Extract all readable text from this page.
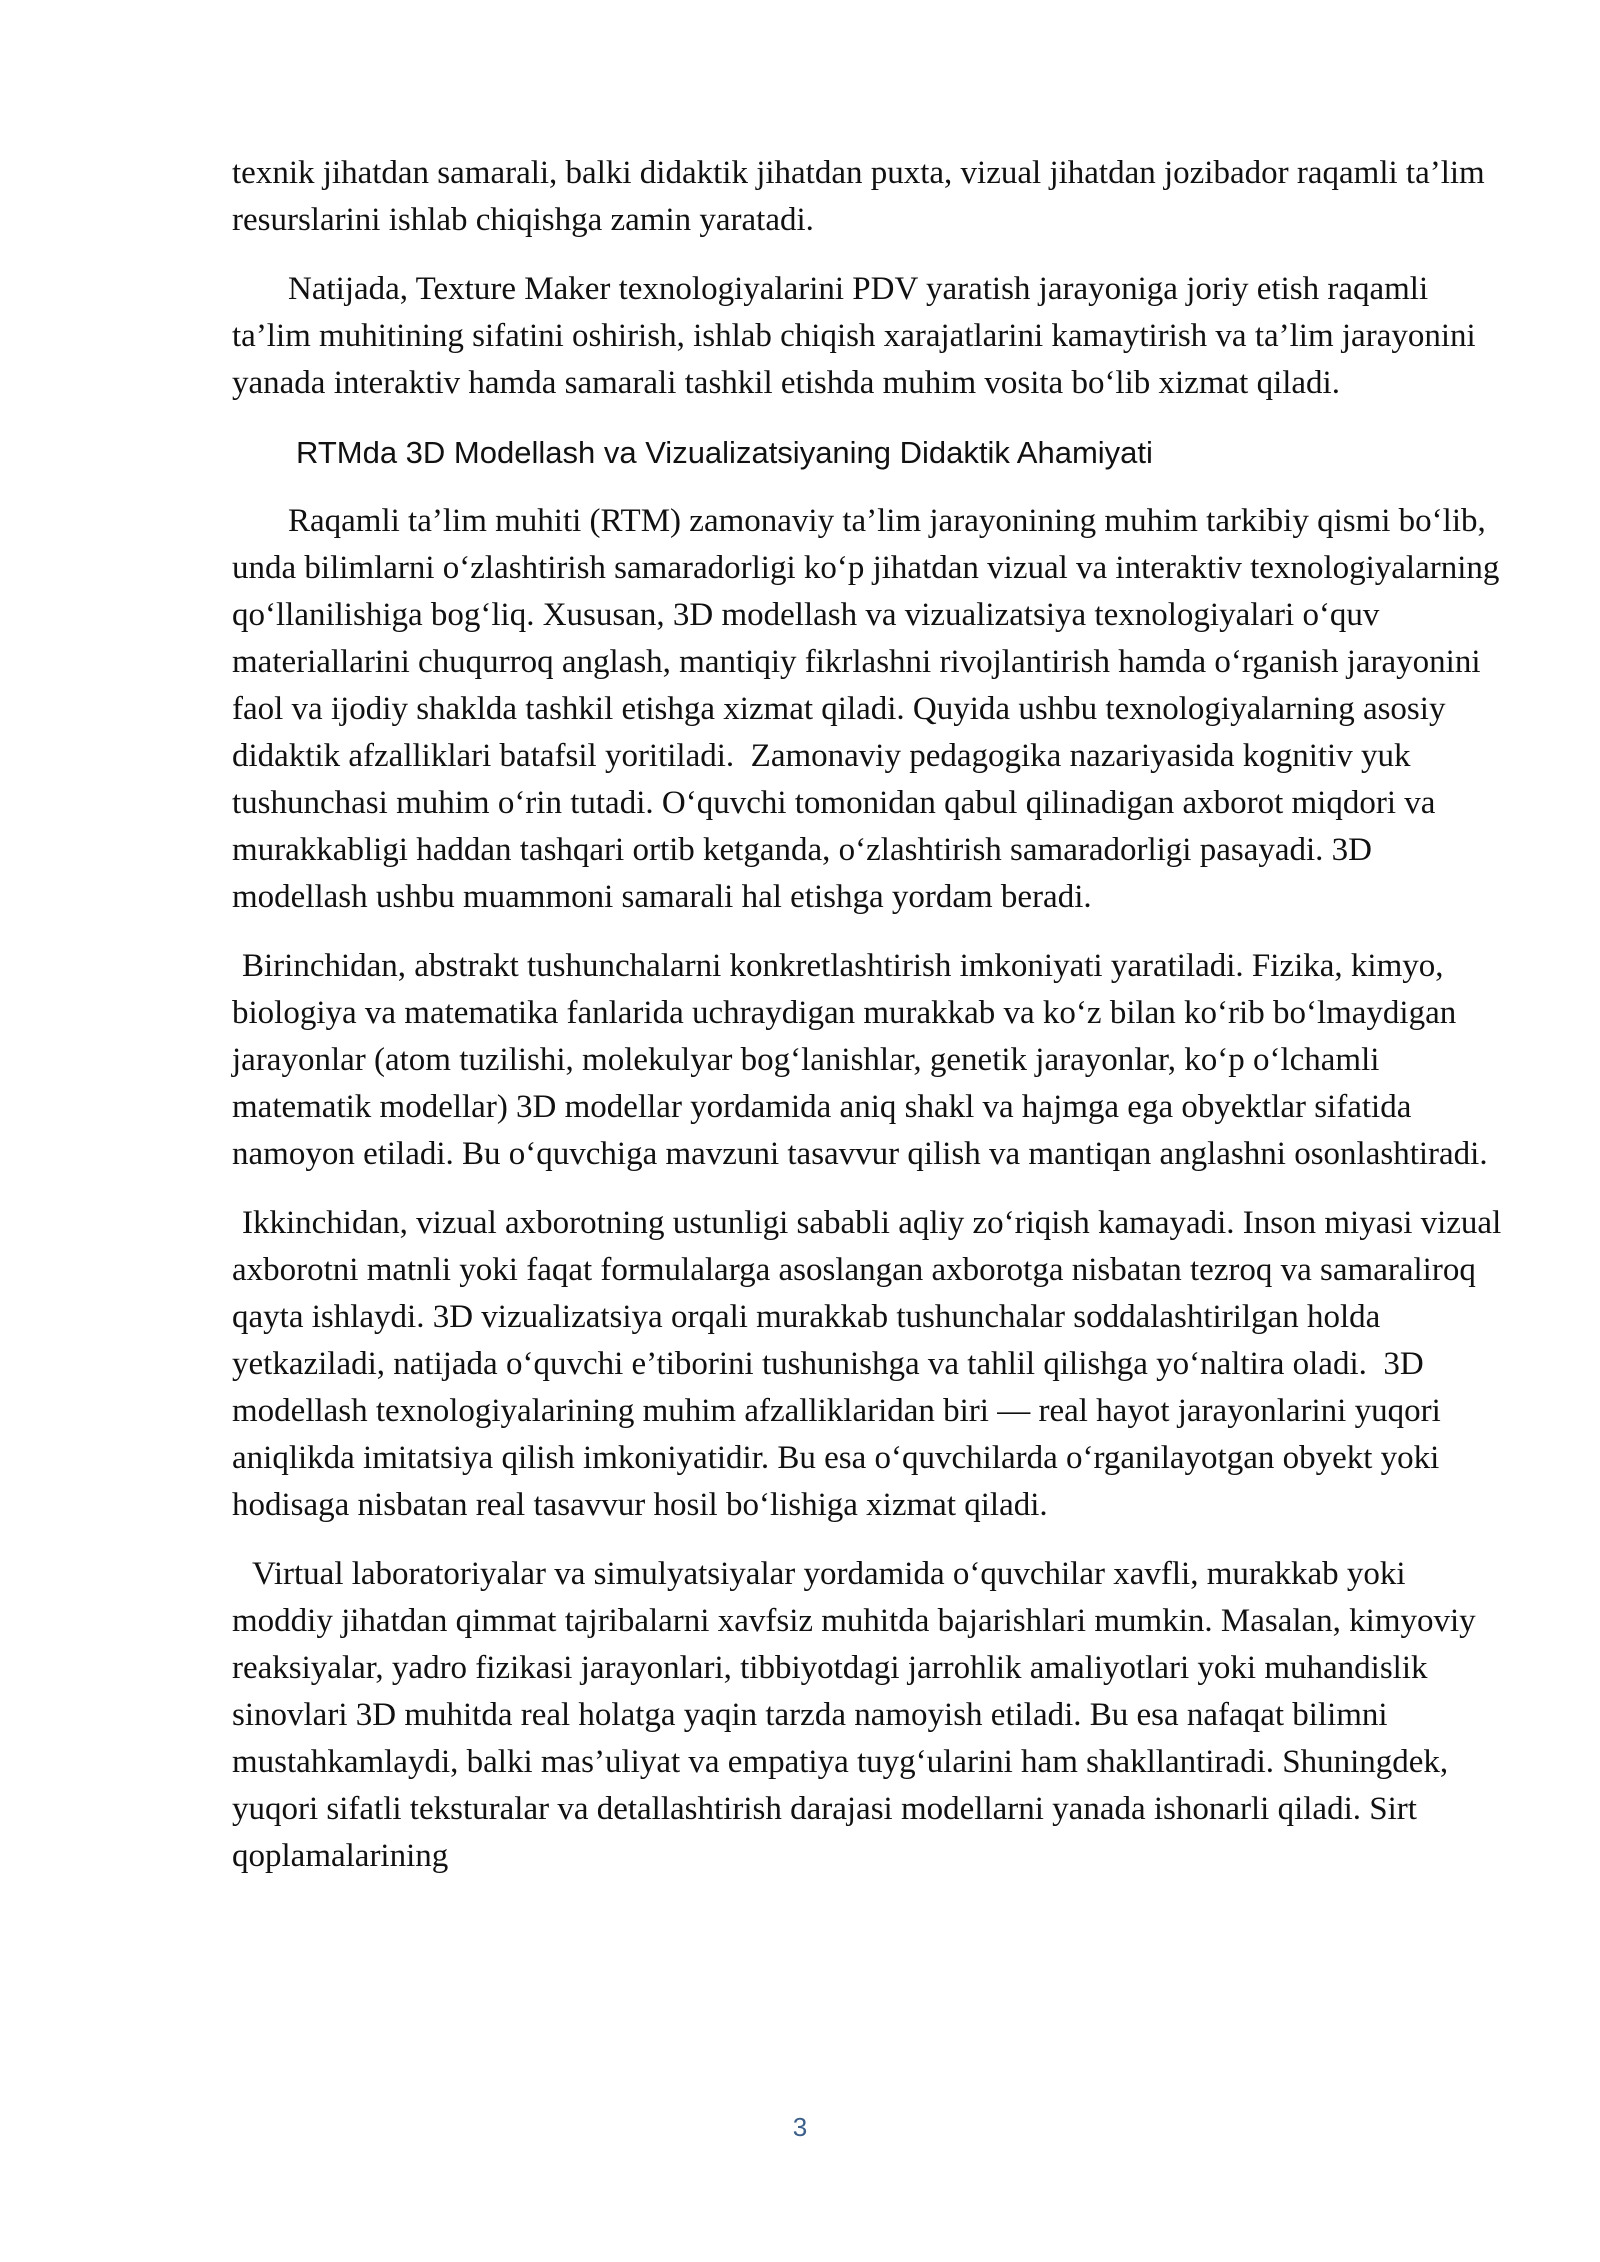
texnik jihatdan samarali, balki didaktik jihatdan puxta, vizual jihatdan jozibador raqamli ta’lim resurslarini ishlab chiqishga zamin yaratadi.

Natijada, Texture Maker texnologiyalarini PDV yaratish jarayoniga joriy etish raqamli ta’lim muhitining sifatini oshirish, ishlab chiqish xarajatlarini kamaytirish va ta’lim jarayonini yanada interaktiv hamda samarali tashkil etishda muhim vosita bo‘lib xizmat qiladi.

RTMda 3D Modellash va Vizualizatsiyaning Didaktik Ahamiyati

Raqamli ta’lim muhiti (RTM) zamonaviy ta’lim jarayonining muhim tarkibiy qismi bo‘lib, unda bilimlarni o‘zlashtirish samaradorligi ko‘p jihatdan vizual va interaktiv texnologiyalarning qo‘llanilishiga bog‘liq. Xususan, 3D modellash va vizualizatsiya texnologiyalari o‘quv materiallarini chuqurroq anglash, mantiqiy fikrlashni rivojlantirish hamda o‘rganish jarayonini faol va ijodiy shaklda tashkil etishga xizmat qiladi. Quyida ushbu texnologiyalarning asosiy didaktik afzalliklari batafsil yoritiladi.  Zamonaviy pedagogika nazariyasida kognitiv yuk tushunchasi muhim o‘rin tutadi. O‘quvchi tomonidan qabul qilinadigan axborot miqdori va murakkabligi haddan tashqari ortib ketganda, o‘zlashtirish samaradorligi pasayadi. 3D modellash ushbu muammoni samarali hal etishga yordam beradi.

Birinchidan, abstrakt tushunchalarni konkretlashtirish imkoniyati yaratiladi. Fizika, kimyo, biologiya va matematika fanlarida uchraydigan murakkab va ko‘z bilan ko‘rib bo‘lmaydigan jarayonlar (atom tuzilishi, molekulyar bog‘lanishlar, genetik jarayonlar, ko‘p o‘lchamli matematik modellar) 3D modellar yordamida aniq shakl va hajmga ega obyektlar sifatida namoyon etiladi. Bu o‘quvchiga mavzuni tasavvur qilish va mantiqan anglashni osonlashtiradi.

Ikkinchidan, vizual axborotning ustunligi sababli aqliy zo‘riqish kamayadi. Inson miyasi vizual axborotni matnli yoki faqat formulalarga asoslangan axborotga nisbatan tezroq va samaraliroq qayta ishlaydi. 3D vizualizatsiya orqali murakkab tushunchalar soddalashtirilgan holda yetkaziladi, natijada o‘quvchi e’tiborini tushunishga va tahlil qilishga yo‘naltira oladi.  3D modellash texnologiyalarining muhim afzalliklaridan biri — real hayot jarayonlarini yuqori aniqlikda imitatsiya qilish imkoniyatidir. Bu esa o‘quvchilarda o‘rganilayotgan obyekt yoki hodisaga nisbatan real tasavvur hosil bo‘lishiga xizmat qiladi.

Virtual laboratoriyalar va simulyatsiyalar yordamida o‘quvchilar xavfli, murakkab yoki moddiy jihatdan qimmat tajribalarni xavfsiz muhitda bajarishlari mumkin. Masalan, kimyoviy reaksiyalar, yadro fizikasi jarayonlari, tibbiyotdagi jarrohlik amaliyotlari yoki muhandislik sinovlari 3D muhitda real holatga yaqin tarzda namoyish etiladi. Bu esa nafaqat bilimni mustahkamlaydi, balki mas’uliyat va empatiya tuyg‘ularini ham shakllantiradi. Shuningdek, yuqori sifatli teksturalar va detallashtirish darajasi modellarni yanada ishonarli qiladi. Sirt qoplamalarining

3
